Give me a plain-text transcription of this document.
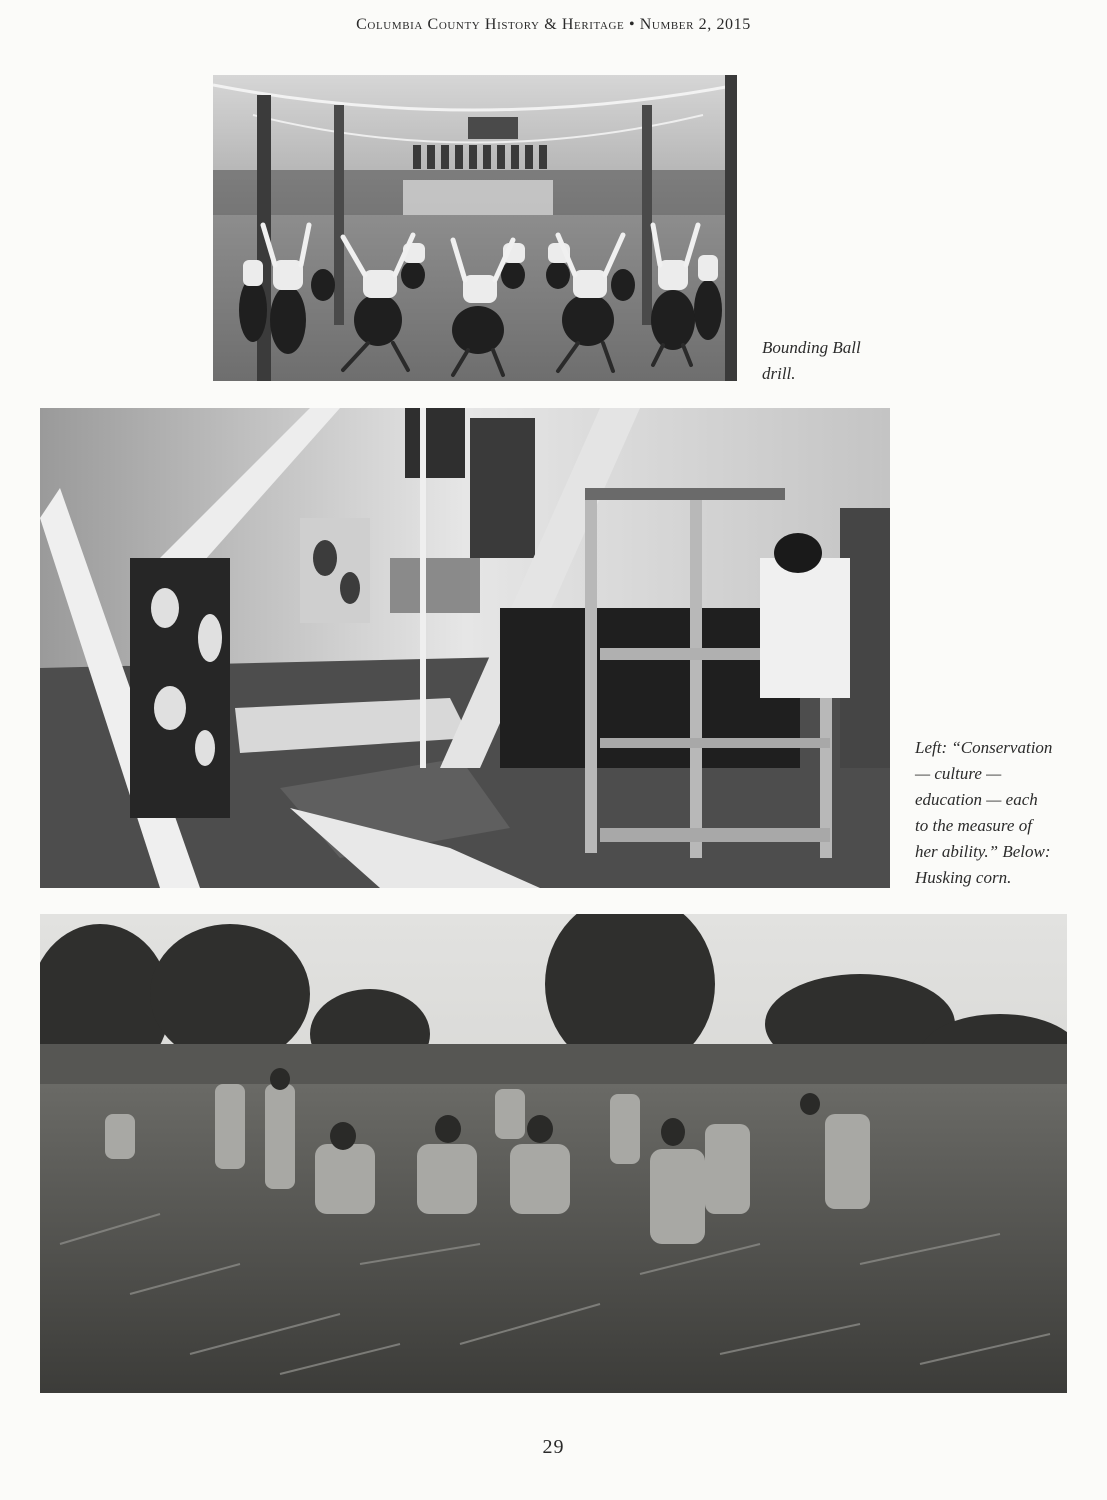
Columbia County History & Heritage • Number 2, 2015
Bounding Ball
drill.
Left: “Conservation
— culture —
education — each
to the measure of
her ability.” Below:
Husking corn.
29
